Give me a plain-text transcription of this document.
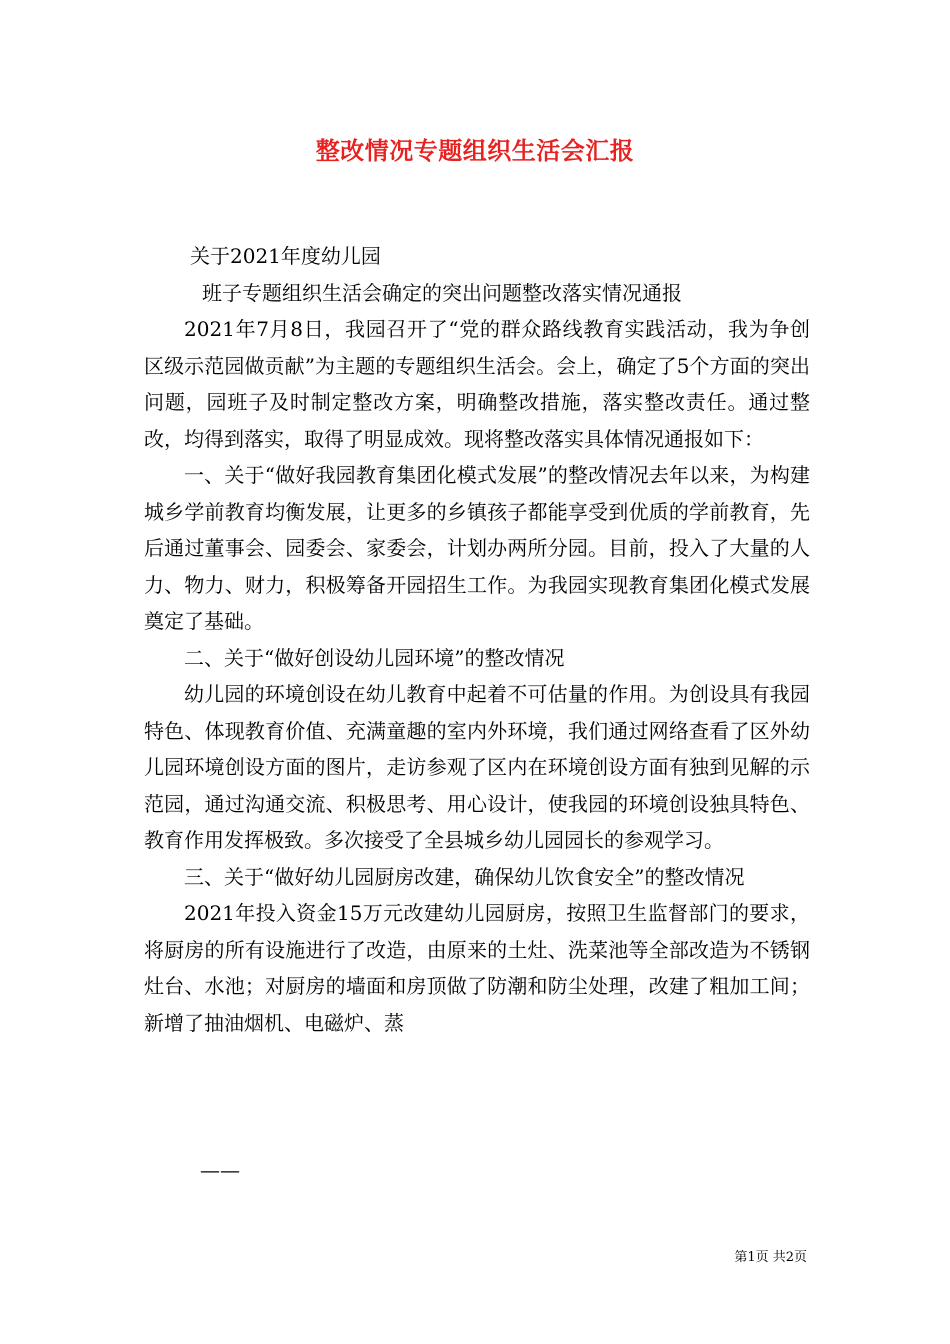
整改情况专题组织生活会汇报

关于2021年度幼儿园

班子专题组织生活会确定的突出问题整改落实情况通报

2021年7月8日，我园召开了“党的群众路线教育实践活动，我为争创区级示范园做贡献”为主题的专题组织生活会。会上，确定了5个方面的突出问题，园班子及时制定整改方案，明确整改措施，落实整改责任。通过整改，均得到落实，取得了明显成效。现将整改落实具体情况通报如下：

一、关于“做好我园教育集团化模式发展”的整改情况去年以来，为构建城乡学前教育均衡发展，让更多的乡镇孩子都能享受到优质的学前教育，先后通过董事会、园委会、家委会，计划办两所分园。目前，投入了大量的人力、物力、财力，积极筹备开园招生工作。为我园实现教育集团化模式发展奠定了基础。

二、关于“做好创设幼儿园环境”的整改情况

幼儿园的环境创设在幼儿教育中起着不可估量的作用。为创设具有我园特色、体现教育价值、充满童趣的室内外环境，我们通过网络查看了区外幼儿园环境创设方面的图片，走访参观了区内在环境创设方面有独到见解的示范园，通过沟通交流、积极思考、用心设计，使我园的环境创设独具特色、教育作用发挥极致。多次接受了全县城乡幼儿园园长的参观学习。

三、关于“做好幼儿园厨房改建，确保幼儿饮食安全”的整改情况

2021年投入资金15万元改建幼儿园厨房，按照卫生监督部门的要求，将厨房的所有设施进行了改造，由原来的土灶、洗菜池等全部改造为不锈钢灶台、水池；对厨房的墙面和房顶做了防潮和防尘处理，改建了粗加工间；新增了抽油烟机、电磁炉、蒸

——
第1页 共2页
